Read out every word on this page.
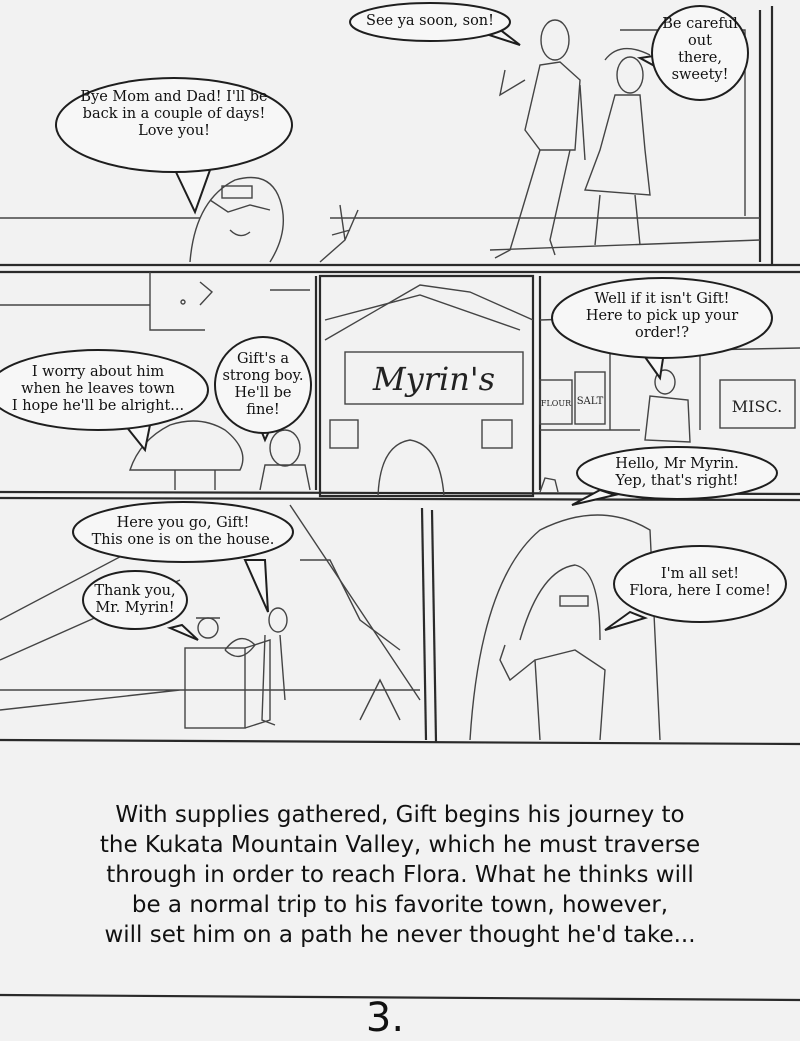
Myrin's
FLOUR SALT	MISC.
Bye Mom and Dad! I'll be
back in a couple of days!
Love you!
See ya soon, son!	Be careful
out
there,
sweety!
I worry about him
when he leaves town
I hope he'll be alright...
Gift's a
strong boy.
He'll be
fine!
Well if it isn't Gift!
Here to pick up your
order!?
Hello, Mr Myrin.
Yep, that's right!
Here you go, Gift!
This one is on the house.
Thank you,
Mr. Myrin!
I'm all set!
Flora, here I come!
With supplies gathered, Gift begins his journey to
the Kukata Mountain Valley, which he must traverse
through in order to reach Flora. What he thinks will
be a normal trip to his favorite town, however,
will set him on a path he never thought he'd take...
3.
